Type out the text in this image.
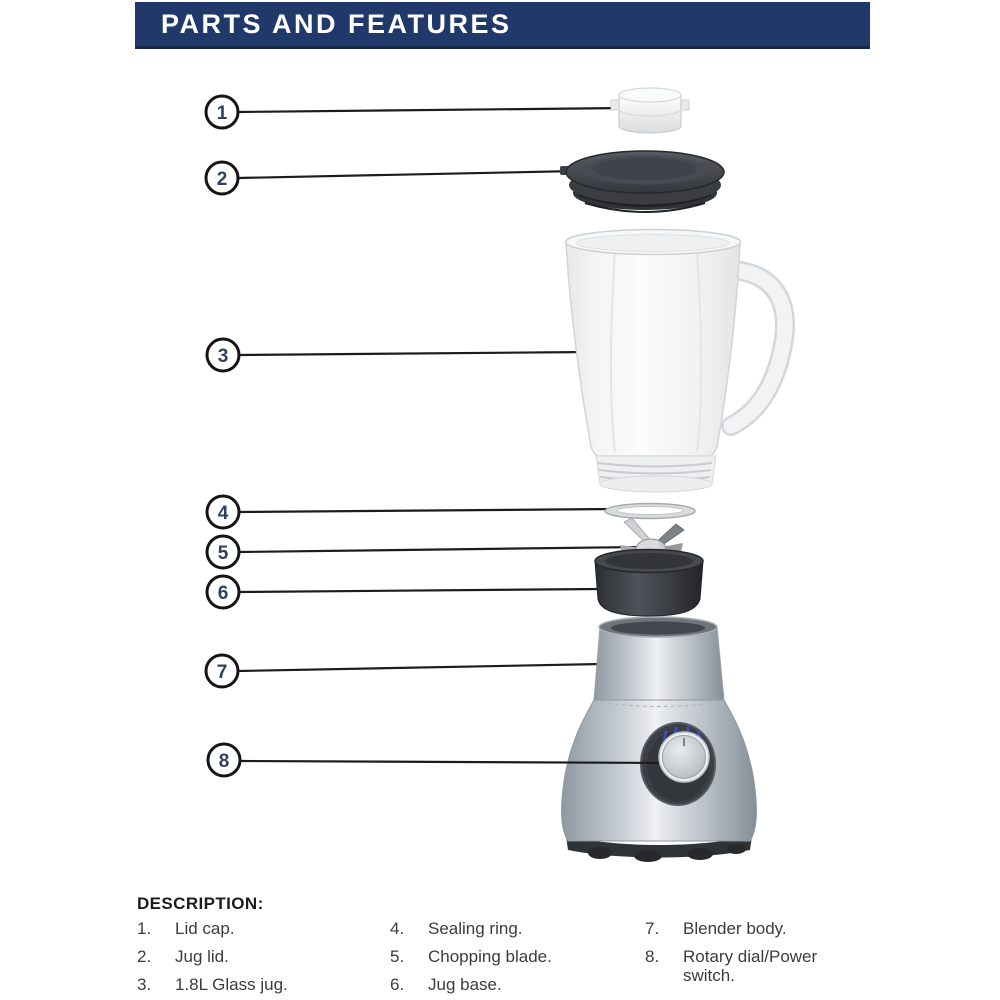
PARTS AND FEATURES
1
2
3
4
5
6
7
8
DESCRIPTION:
1.	Lid cap.
2.	Jug lid.
3.	1.8L Glass jug.
4.	Sealing ring.
5.	Chopping blade.
6.	Jug base.
7.	Blender body.
8.	Rotary dial/Power switch.
